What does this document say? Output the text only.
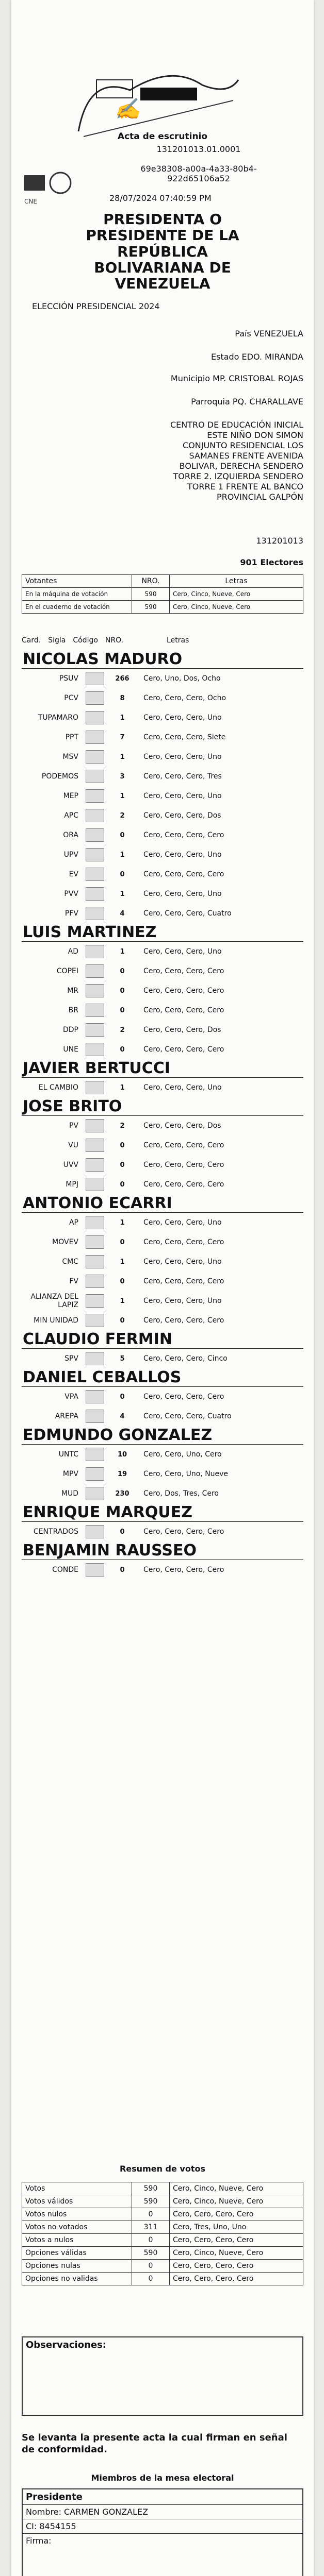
✍
CNE
Acta de escrutinio
131201013.01.0001
69e38308-a00a-4a33-80b4-
922d65106a52
28/07/2024 07:40:59 PM
PRESIDENTA O
PRESIDENTE DE LA
REPÚBLICA
BOLIVARIANA DE
VENEZUELA
ELECCIÓN PRESIDENCIAL 2024
País VENEZUELA
Estado EDO. MIRANDA
Municipio MP. CRISTOBAL ROJAS
Parroquia PQ. CHARALLAVE
CENTRO DE EDUCACIÓN INICIAL
ESTE NIÑO DON SIMON
CONJUNTO RESIDENCIAL LOS
SAMANES FRENTE AVENIDA
BOLIVAR, DERECHA SENDERO
TORRE 2. IZQUIERDA SENDERO
TORRE 1 FRENTE AL BANCO
PROVINCIAL GALPÓN
131201013
901 Electores
Votantes	NRO.	Letras
En la máquina de votación	590	Cero, Cinco, Nueve, Cero
En el cuaderno de votación	590	Cero, Cinco, Nueve, Cero
Card. Sigla Código NRO.	Letras
NICOLAS MADURO
PSUV	266	Cero, Uno, Dos, Ocho
PCV	8	Cero, Cero, Cero, Ocho
TUPAMARO	1	Cero, Cero, Cero, Uno
PPT	7	Cero, Cero, Cero, Siete
MSV	1	Cero, Cero, Cero, Uno
PODEMOS	3	Cero, Cero, Cero, Tres
MEP	1	Cero, Cero, Cero, Uno
APC	2	Cero, Cero, Cero, Dos
ORA	0	Cero, Cero, Cero, Cero
UPV	1	Cero, Cero, Cero, Uno
EV	0	Cero, Cero, Cero, Cero
PVV	1	Cero, Cero, Cero, Uno
PFV	4	Cero, Cero, Cero, Cuatro
LUIS MARTINEZ
AD	1	Cero, Cero, Cero, Uno
COPEI	0	Cero, Cero, Cero, Cero
MR	0	Cero, Cero, Cero, Cero
BR	0	Cero, Cero, Cero, Cero
DDP	2	Cero, Cero, Cero, Dos
UNE	0	Cero, Cero, Cero, Cero
JAVIER BERTUCCI
EL CAMBIO	1	Cero, Cero, Cero, Uno
JOSE BRITO
PV	2	Cero, Cero, Cero, Dos
VU	0	Cero, Cero, Cero, Cero
UVV	0	Cero, Cero, Cero, Cero
MPJ	0	Cero, Cero, Cero, Cero
ANTONIO ECARRI
AP	1	Cero, Cero, Cero, Uno
MOVEV	0	Cero, Cero, Cero, Cero
CMC	1	Cero, Cero, Cero, Uno
FV	0	Cero, Cero, Cero, Cero
ALIANZA DEL LAPIZ	1	Cero, Cero, Cero, Uno
MIN UNIDAD	0	Cero, Cero, Cero, Cero
CLAUDIO FERMIN
SPV	5	Cero, Cero, Cero, Cinco
DANIEL CEBALLOS
VPA	0	Cero, Cero, Cero, Cero
AREPA	4	Cero, Cero, Cero, Cuatro
EDMUNDO GONZALEZ
UNTC	10	Cero, Cero, Uno, Cero
MPV	19	Cero, Cero, Uno, Nueve
MUD	230	Cero, Dos, Tres, Cero
ENRIQUE MARQUEZ
CENTRADOS	0	Cero, Cero, Cero, Cero
BENJAMIN RAUSSEO
CONDE	0	Cero, Cero, Cero, Cero
Resumen de votos
Votos	590	Cero, Cinco, Nueve, Cero
Votos válidos	590	Cero, Cinco, Nueve, Cero
Votos nulos	0	Cero, Cero, Cero, Cero
Votos no votados	311	Cero, Tres, Uno, Uno
Votos a nulos	0	Cero, Cero, Cero, Cero
Opciones válidas	590	Cero, Cinco, Nueve, Cero
Opciones nulas	0	Cero, Cero, Cero, Cero
Opciones no validas	0	Cero, Cero, Cero, Cero
Observaciones:
Se levanta la presente acta la cual firman en señal de conformidad.
Miembros de la mesa electoral
Presidente
Nombre: CARMEN GONZALEZ
CI: 8454155
Firma:
